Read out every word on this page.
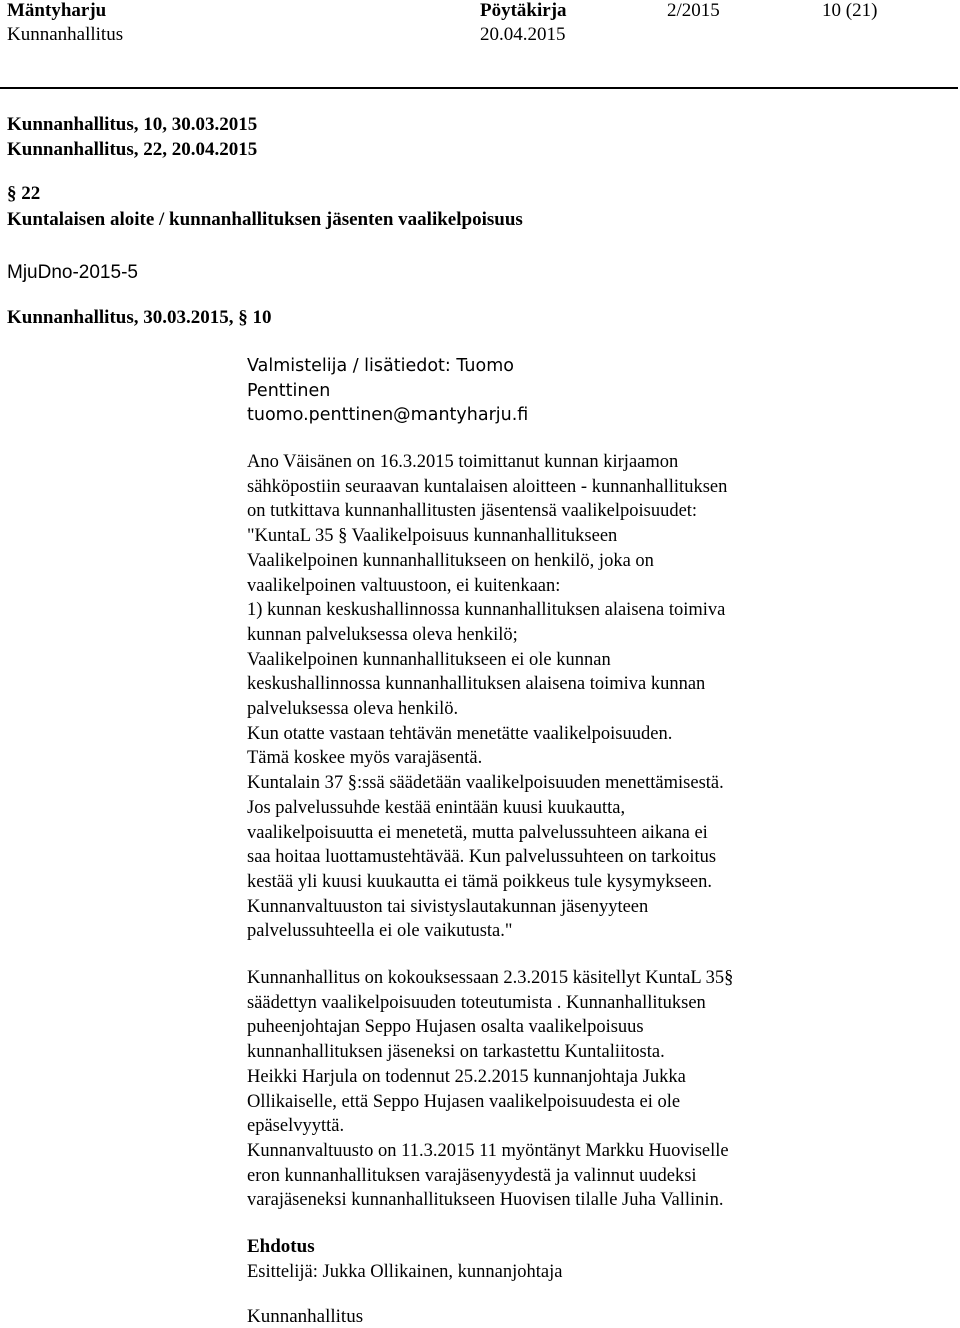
Mäntyharju	Pöytäkirja	2/2015	10 (21)
Kunnanhallitus	20.04.2015
Kunnanhallitus, 10, 30.03.2015
Kunnanhallitus, 22, 20.04.2015
§ 22
Kuntalaisen aloite / kunnanhallituksen jäsenten vaalikelpoisuus
MjuDno-2015-5
Kunnanhallitus, 30.03.2015, § 10
Valmistelija / lisätiedot: Tuomo
Penttinen
tuomo.penttinen@mantyharju.fi

Ano Väisänen on 16.3.2015 toimittanut kunnan kirjaamon

sähköpostiin seuraavan kuntalaisen aloitteen - kunnanhallituksen

on tutkittava kunnanhallitusten jäsentensä vaalikelpoisuudet:

"KuntaL 35 § Vaalikelpoisuus kunnanhallitukseen

Vaalikelpoinen kunnanhallitukseen on henkilö, joka on

vaalikelpoinen valtuustoon, ei kuitenkaan:

1) kunnan keskushallinnossa kunnanhallituksen alaisena toimiva

kunnan palveluksessa oleva henkilö;

Vaalikelpoinen kunnanhallitukseen ei ole kunnan

keskushallinnossa kunnanhallituksen alaisena toimiva kunnan

palveluksessa oleva henkilö.

Kun otatte vastaan tehtävän menetätte vaalikelpoisuuden.

Tämä koskee myös varajäsentä.

Kuntalain 37 §:ssä säädetään vaalikelpoisuuden menettämisestä.

Jos palvelussuhde kestää enintään kuusi kuukautta,

vaalikelpoisuutta ei menetetä, mutta palvelussuhteen aikana ei

saa hoitaa luottamustehtävää. Kun palvelussuhteen on tarkoitus

kestää yli kuusi kuukautta ei tämä poikkeus tule kysymykseen.

Kunnanvaltuuston tai sivistyslautakunnan jäsenyyteen

palvelussuhteella ei ole vaikutusta."

Kunnanhallitus on kokouksessaan 2.3.2015 käsitellyt KuntaL 35§

säädettyn vaalikelpoisuuden toteutumista . Kunnanhallituksen

puheenjohtajan Seppo Hujasen osalta vaalikelpoisuus

kunnanhallituksen jäseneksi on tarkastettu Kuntaliitosta.

Heikki Harjula on todennut 25.2.2015 kunnanjohtaja Jukka

Ollikaiselle, että Seppo Hujasen vaalikelpoisuudesta ei ole

epäselvyyttä.

Kunnanvaltuusto on 11.3.2015 11 myöntänyt Markku Huoviselle

eron kunnanhallituksen varajäsenyydestä ja valinnut uudeksi

varajäseneksi kunnanhallitukseen Huovisen tilalle Juha Vallinin.

Ehdotus
Esittelijä: Jukka Ollikainen, kunnanjohtaja
Kunnanhallitus
